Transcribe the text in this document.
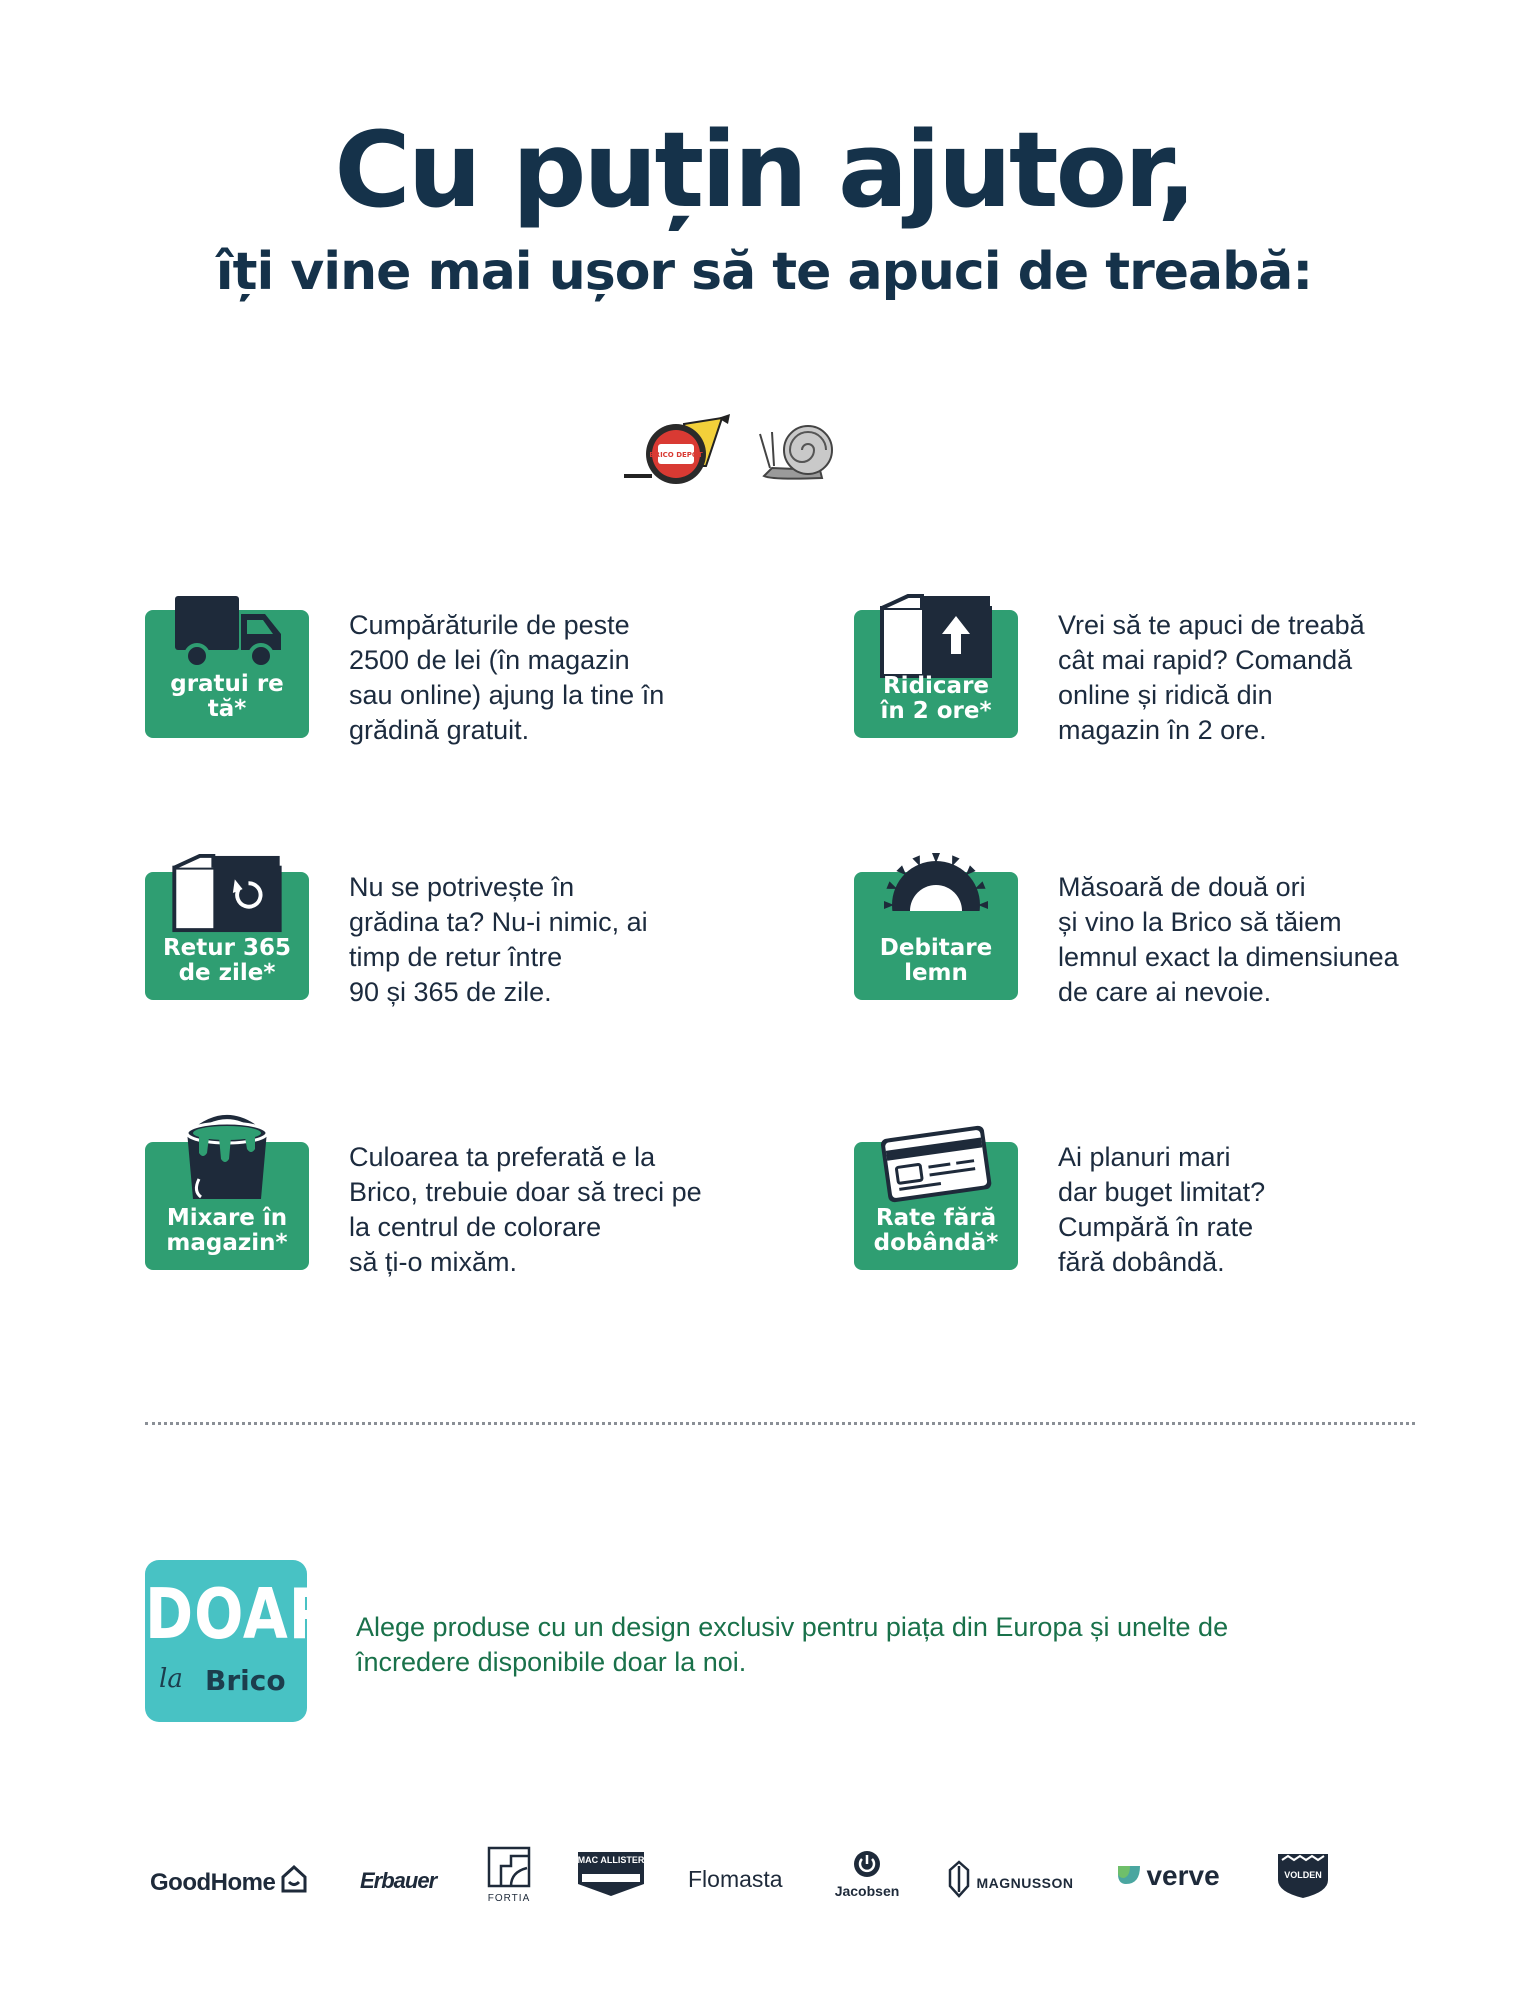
Cu puțin ajutor,
îți vine mai ușor să te apuci de treabă:
BRICO DEPOT
gratui re
tă*
Cumpărăturile de peste
2500 de lei (în magazin
sau online) ajung la tine în
grădină gratuit.
Ridicare
în 2 ore*
Vrei să te apuci de treabă
cât mai rapid? Comandă
online și ridică din
magazin în 2 ore.
Retur 365
de zile*
Nu se potrivește în
grădina ta? Nu-i nimic, ai
timp de retur între
90 și 365 de zile.
Debitare
lemn
Măsoară de două ori
și vino la Brico să tăiem
lemnul exact la dimensiunea
de care ai nevoie.
Mixare în
magazin*
Culoarea ta preferată e la
Brico, trebuie doar să treci pe
la centrul de colorare
să ți-o mixăm.
Rate fără
dobândă*
Ai planuri mari
dar buget limitat?
Cumpără în rate
fără dobândă.
DOAR
la Brico
Alege produse cu un design exclusiv pentru piața din Europa și unelte de
încredere disponibile doar la noi.
GoodHome	Erbauer
FORTIA
MAC ALLISTER
Flomasta	Jacobsen	MAGNUSSON	verve	VOLDEN
